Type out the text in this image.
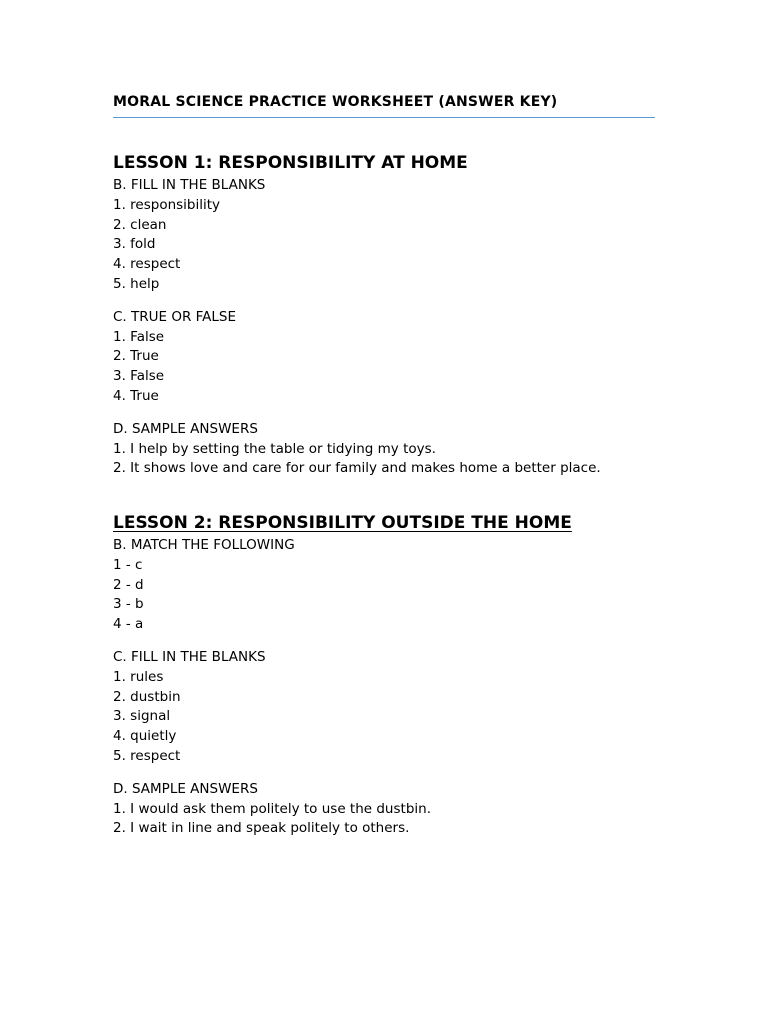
MORAL SCIENCE PRACTICE WORKSHEET (ANSWER KEY)
LESSON 1: RESPONSIBILITY AT HOME

B. FILL IN THE BLANKS

1. responsibility

2. clean

3. fold

4. respect

5. help

C. TRUE OR FALSE

1. False

2. True

3. False

4. True

D. SAMPLE ANSWERS

1. I help by setting the table or tidying my toys.

2. It shows love and care for our family and makes home a better place.

LESSON 2: RESPONSIBILITY OUTSIDE THE HOME

B. MATCH THE FOLLOWING

1 - c

2 - d

3 - b

4 - a

C. FILL IN THE BLANKS

1. rules

2. dustbin

3. signal

4. quietly

5. respect

D. SAMPLE ANSWERS

1. I would ask them politely to use the dustbin.

2. I wait in line and speak politely to others.
